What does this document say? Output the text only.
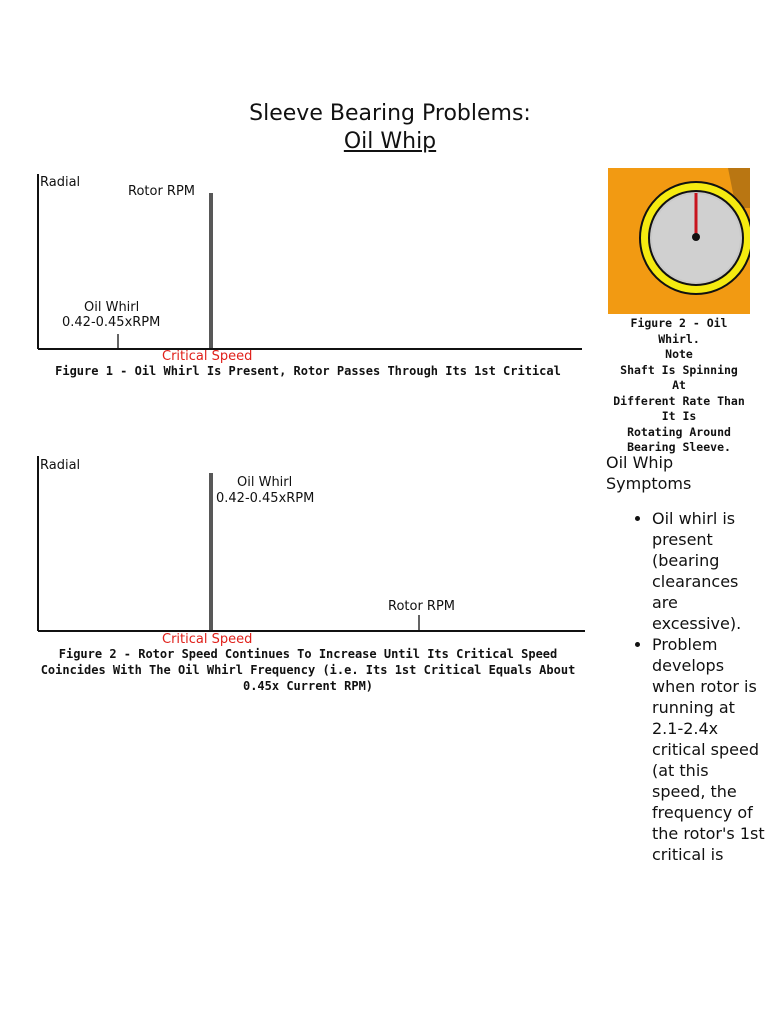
Sleeve Bearing Problems:
Oil Whip
Radial
Rotor RPM
Oil Whirl
0.42-0.45xRPM
Critical Speed
Figure 1 - Oil Whirl Is Present, Rotor Passes Through Its 1st Critical
Radial
Oil Whirl
0.42-0.45xRPM
Rotor RPM
Critical Speed
Figure 2 - Rotor Speed Continues To Increase Until Its Critical Speed Coincides With The Oil Whirl Frequency (i.e. Its 1st Critical Equals About 0.45x Current RPM)
Figure 2 - Oil Whirl.
Note
Shaft Is Spinning
At
Different Rate Than
It Is
Rotating Around
Bearing Sleeve.
Oil Whip
Symptoms
• Oil whirl is present (bearing clearances are excessive).
• Problem develops when rotor is running at 2.1-2.4x critical speed (at this speed, the frequency of the rotor's 1st critical is
